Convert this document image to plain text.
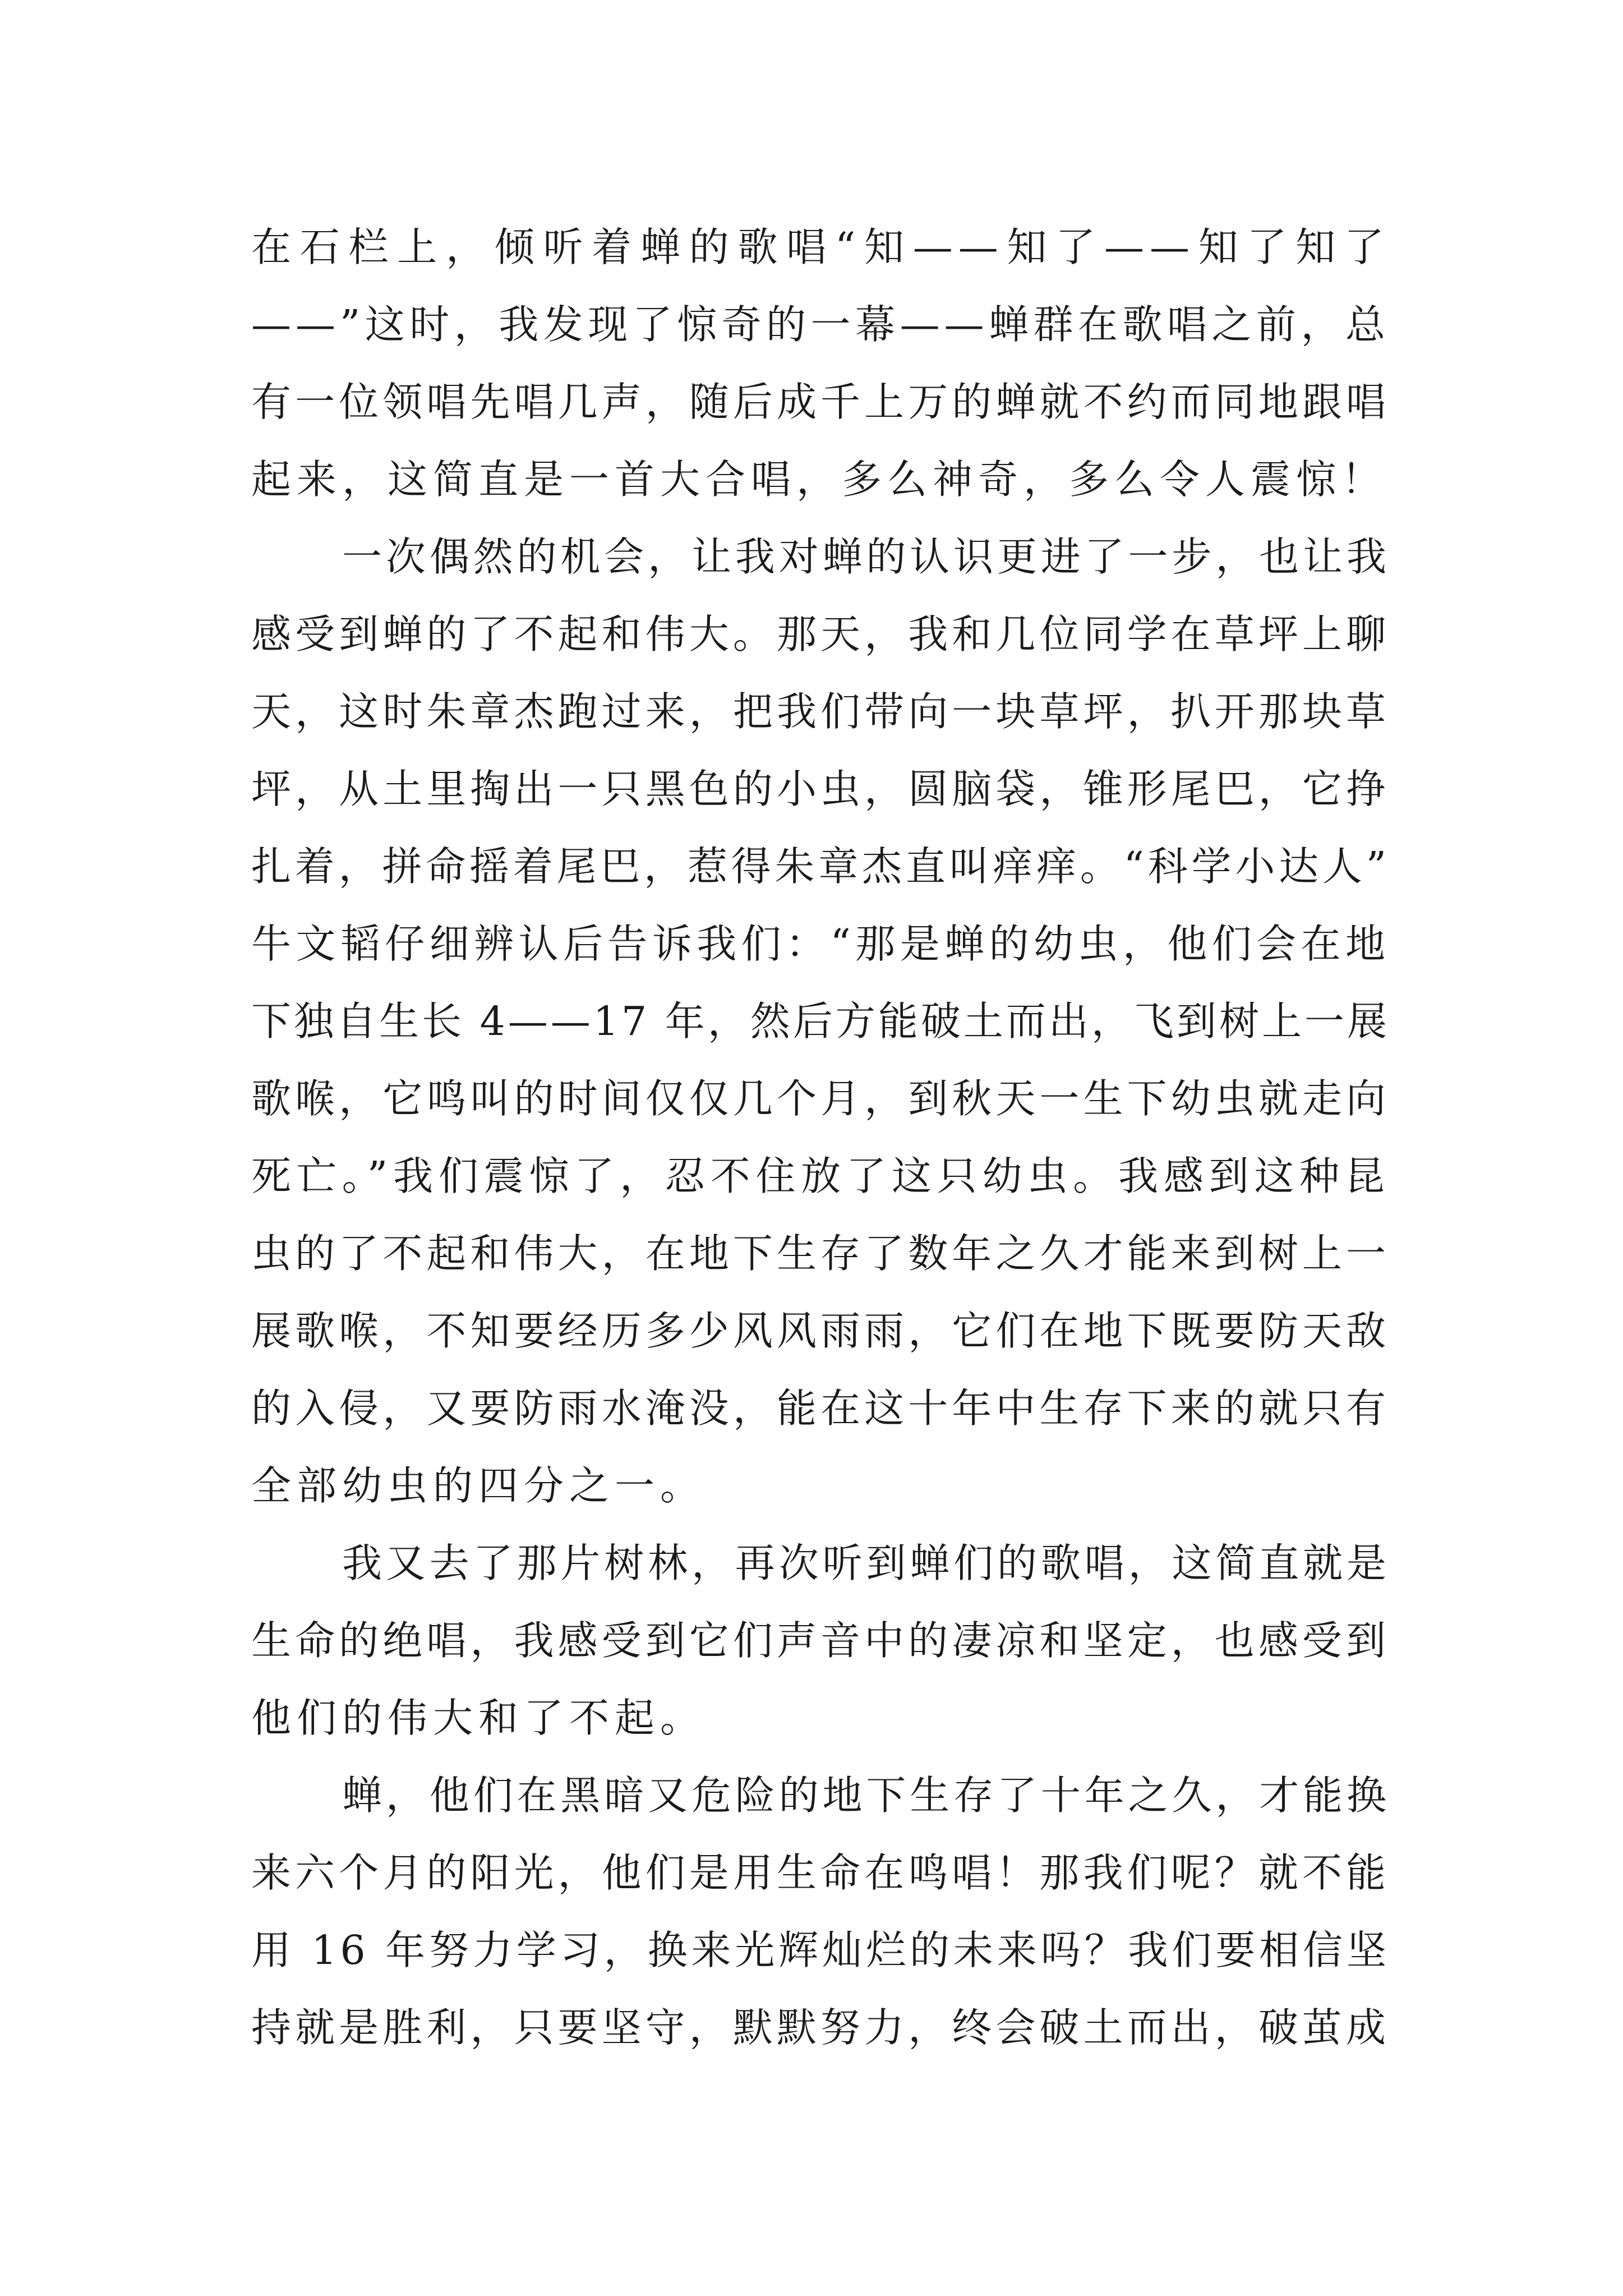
在石栏上，倾听着蝉的歌唱“知——知了——知了知了
——”这时，我发现了惊奇的一幕——蝉群在歌唱之前，总
有一位领唱先唱几声，随后成千上万的蝉就不约而同地跟唱
起来，这简直是一首大合唱，多么神奇，多么令人震惊！
一次偶然的机会，让我对蝉的认识更进了一步，也让我
感受到蝉的了不起和伟大。那天，我和几位同学在草坪上聊
天，这时朱章杰跑过来，把我们带向一块草坪，扒开那块草
坪，从土里掏出一只黑色的小虫，圆脑袋，锥形尾巴，它挣
扎着，拼命摇着尾巴，惹得朱章杰直叫痒痒。“科学小达人”
牛文韬仔细辨认后告诉我们：“那是蝉的幼虫，他们会在地
下独自生长 4——17 年，然后方能破土而出，飞到树上一展
歌喉，它鸣叫的时间仅仅几个月，到秋天一生下幼虫就走向
死亡。”我们震惊了，忍不住放了这只幼虫。我感到这种昆
虫的了不起和伟大，在地下生存了数年之久才能来到树上一
展歌喉，不知要经历多少风风雨雨，它们在地下既要防天敌
的入侵，又要防雨水淹没，能在这十年中生存下来的就只有
全部幼虫的四分之一。
我又去了那片树林，再次听到蝉们的歌唱，这简直就是
生命的绝唱，我感受到它们声音中的凄凉和坚定，也感受到
他们的伟大和了不起。
蝉，他们在黑暗又危险的地下生存了十年之久，才能换
来六个月的阳光，他们是用生命在鸣唱！那我们呢？就不能
用 16 年努力学习，换来光辉灿烂的未来吗？我们要相信坚
持就是胜利，只要坚守，默默努力，终会破土而出，破茧成
